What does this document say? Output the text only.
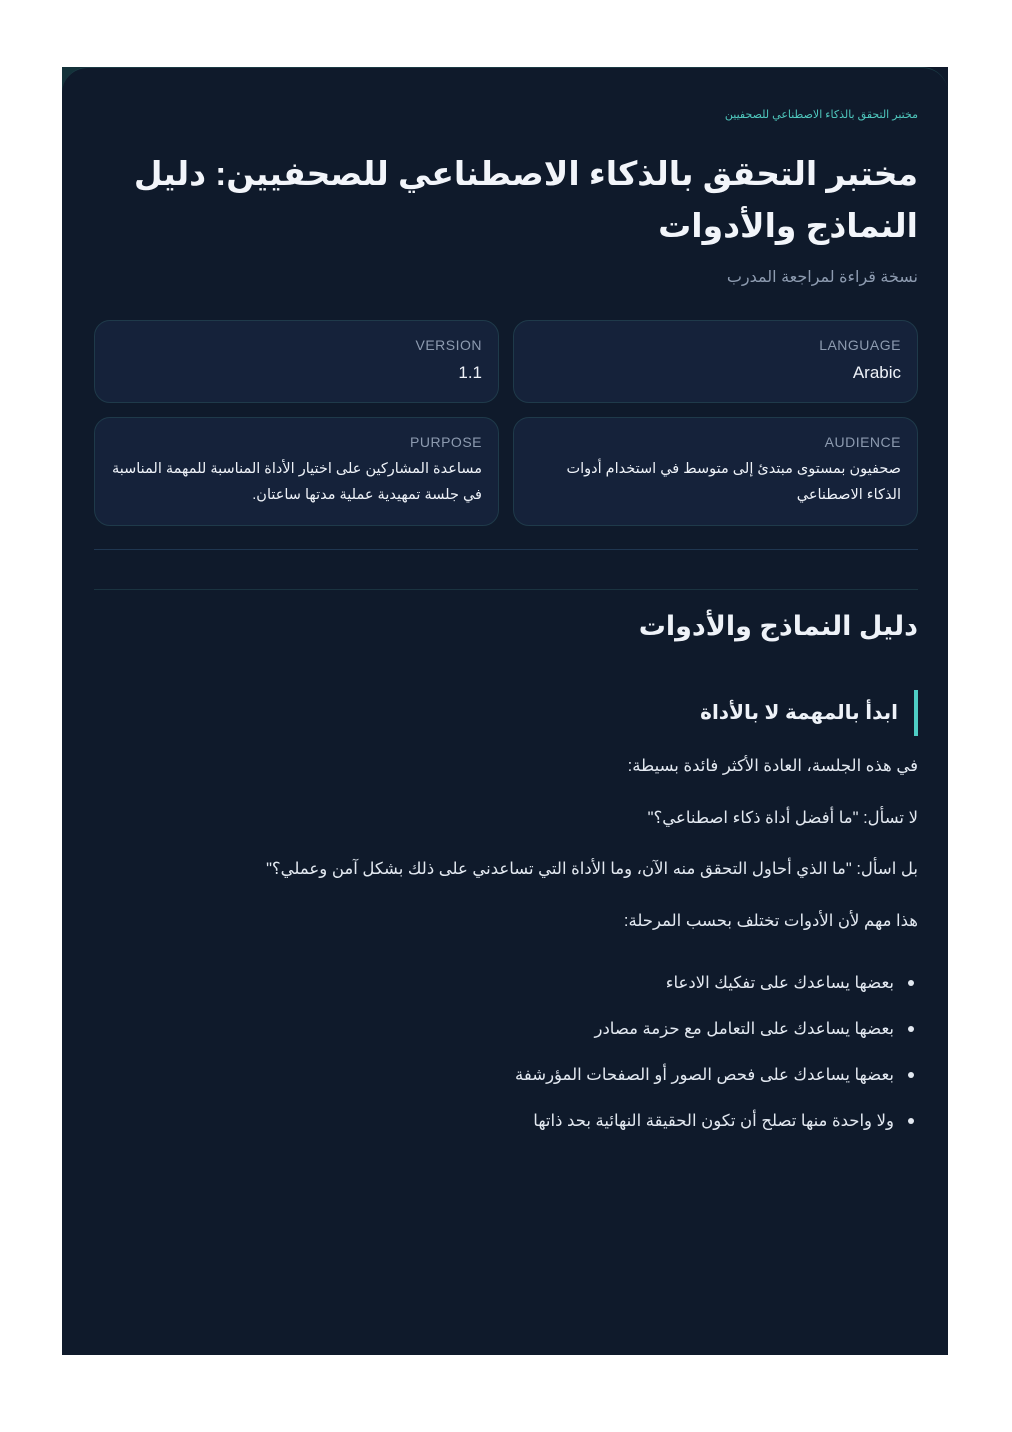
مختبر التحقق بالذكاء الاصطناعي للصحفيين
مختبر التحقق بالذكاء الاصطناعي للصحفيين: دليل النماذج والأدوات
نسخة قراءة لمراجعة المدرب
LANGUAGE
Arabic
VERSION
1.1
AUDIENCE
صحفيون بمستوى مبتدئ إلى متوسط في استخدام أدوات الذكاء الاصطناعي
PURPOSE
مساعدة المشاركين على اختيار الأداة المناسبة للمهمة المناسبة في جلسة تمهيدية عملية مدتها ساعتان.
دليل النماذج والأدوات
ابدأ بالمهمة لا بالأداة

في هذه الجلسة، العادة الأكثر فائدة بسيطة:

لا تسأل: "ما أفضل أداة ذكاء اصطناعي؟"

بل اسأل: "ما الذي أحاول التحقق منه الآن، وما الأداة التي تساعدني على ذلك بشكل آمن وعملي؟"

هذا مهم لأن الأدوات تختلف بحسب المرحلة:

بعضها يساعدك على تفكيك الادعاء
بعضها يساعدك على التعامل مع حزمة مصادر
بعضها يساعدك على فحص الصور أو الصفحات المؤرشفة
ولا واحدة منها تصلح أن تكون الحقيقة النهائية بحد ذاتها
